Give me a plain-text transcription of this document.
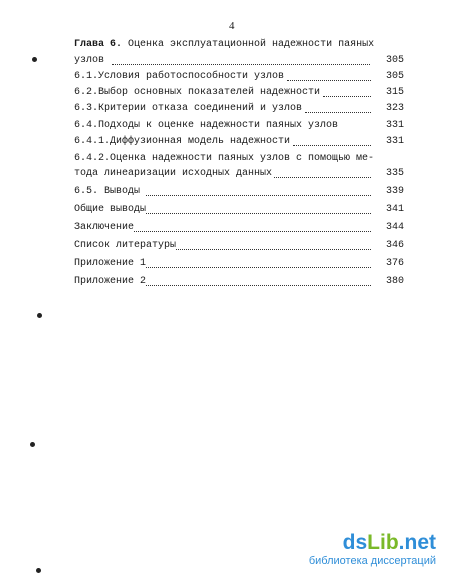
4
Глава 6. Оценка эксплуатационной надежности паяных
узлов	305
6.1.Условия работоспособности узлов	305
6.2.Выбор основных показателей надежности	315
6.3.Критерии отказа соединений и узлов	323
6.4.Подходы к оценке надежности паяных узлов	331
6.4.1.Диффузионная модель надежности	331
6.4.2.Оценка надежности паяных узлов с помощью ме-
тода линеаризации исходных данных	335
6.5. Выводы	339
Общие выводы	341
Заключение	344
Список литературы	346
Приложение 1	376
Приложение 2	380
dsLib.net
библиотека диссертаций
